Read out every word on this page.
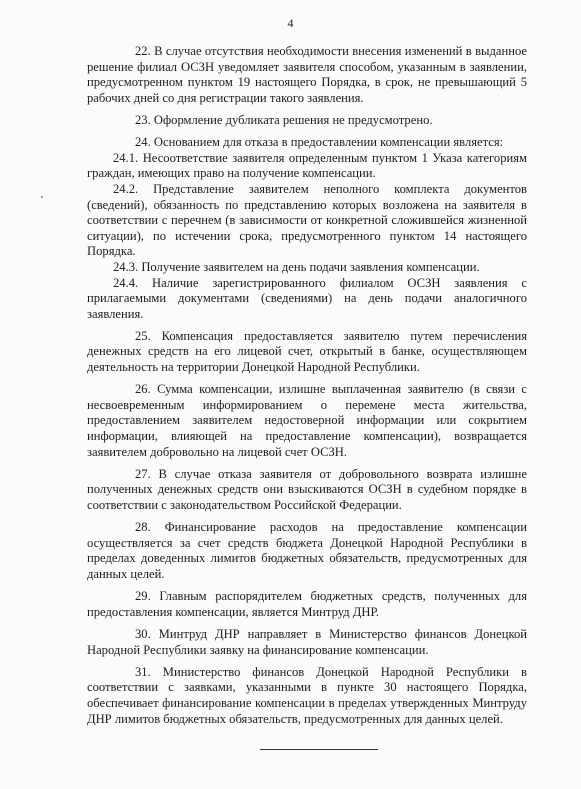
4

22. В случае отсутствия необходимости внесения изменений в выданное решение филиал ОСЗН уведомляет заявителя способом, указанным в заявлении, предусмотренном пунктом 19 настоящего Порядка, в срок, не превышающий 5 рабочих дней со дня регистрации такого заявления.

23. Оформление дубликата решения не предусмотрено.

24. Основанием для отказа в предоставлении компенсации является:

24.1. Несоответствие заявителя определенным пунктом 1 Указа категориям граждан, имеющих право на получение компенсации.

24.2. Представление заявителем неполного комплекта документов (сведений), обязанность по представлению которых возложена на заявителя в соответствии с перечнем (в зависимости от конкретной сложившейся жизненной ситуации), по истечении срока, предусмотренного пунктом 14 настоящего Порядка.

24.3. Получение заявителем на день подачи заявления компенсации.

24.4. Наличие зарегистрированного филиалом ОСЗН заявления с прилагаемыми документами (сведениями) на день подачи аналогичного заявления.

25. Компенсация предоставляется заявителю путем перечисления денежных средств на его лицевой счет, открытый в банке, осуществляющем деятельность на территории Донецкой Народной Республики.

26. Сумма компенсации, излишне выплаченная заявителю (в связи с несвоевременным информированием о перемене места жительства, предоставлением заявителем недостоверной информации или сокрытием информации, влияющей на предоставление компенсации), возвращается заявителем добровольно на лицевой счет ОСЗН.

27. В случае отказа заявителя от добровольного возврата излишне полученных денежных средств они взыскиваются ОСЗН в судебном порядке в соответствии с законодательством Российской Федерации.

28. Финансирование расходов на предоставление компенсации осуществляется за счет средств бюджета Донецкой Народной Республики в пределах доведенных лимитов бюджетных обязательств, предусмотренных для данных целей.

29. Главным распорядителем бюджетных средств, полученных для предоставления компенсации, является Минтруд ДНР.

30. Минтруд ДНР направляет в Министерство финансов Донецкой Народной Республики заявку на финансирование компенсации.

31. Министерство финансов Донецкой Народной Республики в соответствии с заявками, указанными в пункте 30 настоящего Порядка, обеспечивает финансирование компенсации в пределах утвержденных Минтруду ДНР лимитов бюджетных обязательств, предусмотренных для данных целей.
